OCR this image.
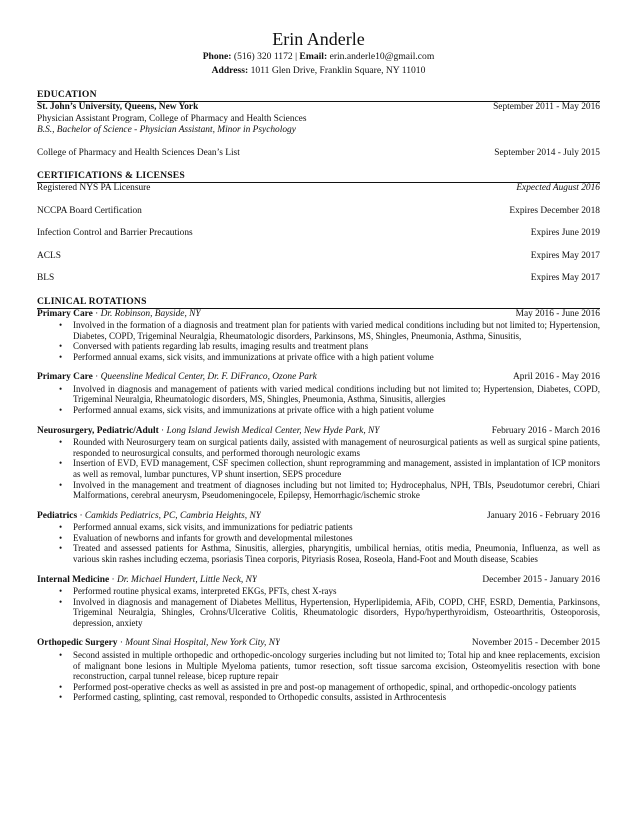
Erin Anderle
Phone: (516) 320 1172 | Email: erin.anderle10@gmail.com
Address: 1011 Glen Drive, Franklin Square, NY 11010
EDUCATION
St. John’s University, Queens, New York	September 2011 - May 2016
Physician Assistant Program, College of Pharmacy and Health Sciences
B.S., Bachelor of Science - Physician Assistant, Minor in Psychology
College of Pharmacy and Health Sciences Dean’s List	September 2014 - July 2015
CERTIFICATIONS & LICENSES
Registered NYS PA Licensure	Expected August 2016
NCCPA Board Certification	Expires December 2018
Infection Control and Barrier Precautions	Expires June 2019
ACLS	Expires May 2017
BLS	Expires May 2017
CLINICAL ROTATIONS
Primary Care · Dr. Robinson, Bayside, NY	May 2016 - June 2016
• Involved in the formation of a diagnosis and treatment plan for patients with varied medical conditions including but not limited to; Hypertension, Diabetes, COPD, Trigeminal Neuralgia, Rheumatologic disorders, Parkinsons, MS, Shingles, Pneumonia, Asthma, Sinusitis,
• Conversed with patients regarding lab results, imaging results and treatment plans
• Performed annual exams, sick visits, and immunizations at private office with a high patient volume
Primary Care · Queensline Medical Center, Dr. F. DiFranco, Ozone Park	April 2016 - May 2016
• Involved in diagnosis and management of patients with varied medical conditions including but not limited to; Hypertension, Diabetes, COPD, Trigeminal Neuralgia, Rheumatologic disorders, MS, Shingles, Pneumonia, Asthma, Sinusitis, allergies
• Performed annual exams, sick visits, and immunizations at private office with a high patient volume
Neurosurgery, Pediatric/Adult · Long Island Jewish Medical Center, New Hyde Park, NY	February 2016 - March 2016
• Rounded with Neurosurgery team on surgical patients daily, assisted with management of neurosurgical patients as well as surgical spine patients, responded to neurosurgical consults, and performed thorough neurologic exams
• Insertion of EVD, EVD management, CSF specimen collection, shunt reprogramming and management, assisted in implantation of ICP monitors as well as removal, lumbar punctures, VP shunt insertion, SEPS procedure
• Involved in the management and treatment of diagnoses including but not limited to; Hydrocephalus, NPH, TBIs, Pseudotumor cerebri, Chiari Malformations, cerebral aneurysm, Pseudomeningocele, Epilepsy, Hemorrhagic/ischemic stroke
Pediatrics · Camkids Pediatrics, PC, Cambria Heights, NY	January 2016 - February 2016
• Performed annual exams, sick visits, and immunizations for pediatric patients
• Evaluation of newborns and infants for growth and developmental milestones
• Treated and assessed patients for Asthma, Sinusitis, allergies, pharyngitis, umbilical hernias, otitis media, Pneumonia, Influenza, as well as various skin rashes including eczema, psoriasis Tinea corporis, Pityriasis Rosea, Roseola, Hand-Foot and Mouth disease, Scabies
Internal Medicine · Dr. Michael Hundert, Little Neck, NY	December 2015 - January 2016
• Performed routine physical exams, interpreted EKGs, PFTs, chest X-rays
• Involved in diagnosis and management of Diabetes Mellitus, Hypertension, Hyperlipidemia, AFib, COPD, CHF, ESRD, Dementia, Parkinsons, Trigeminal Neuralgia, Shingles, Crohns/Ulcerative Colitis, Rheumatologic disorders, Hypo/hyperthyroidism, Osteoarthritis, Osteoporosis, depression, anxiety
Orthopedic Surgery · Mount Sinai Hospital, New York City, NY	November 2015 - December 2015
• Second assisted in multiple orthopedic and orthopedic-oncology surgeries including but not limited to; Total hip and knee replacements, excision of malignant bone lesions in Multiple Myeloma patients, tumor resection, soft tissue sarcoma excision, Osteomyelitis resection with bone reconstruction, carpal tunnel release, bicep rupture repair
• Performed post-operative checks as well as assisted in pre and post-op management of orthopedic, spinal, and orthopedic-oncology patients
• Performed casting, splinting, cast removal, responded to Orthopedic consults, assisted in Arthrocentesis
